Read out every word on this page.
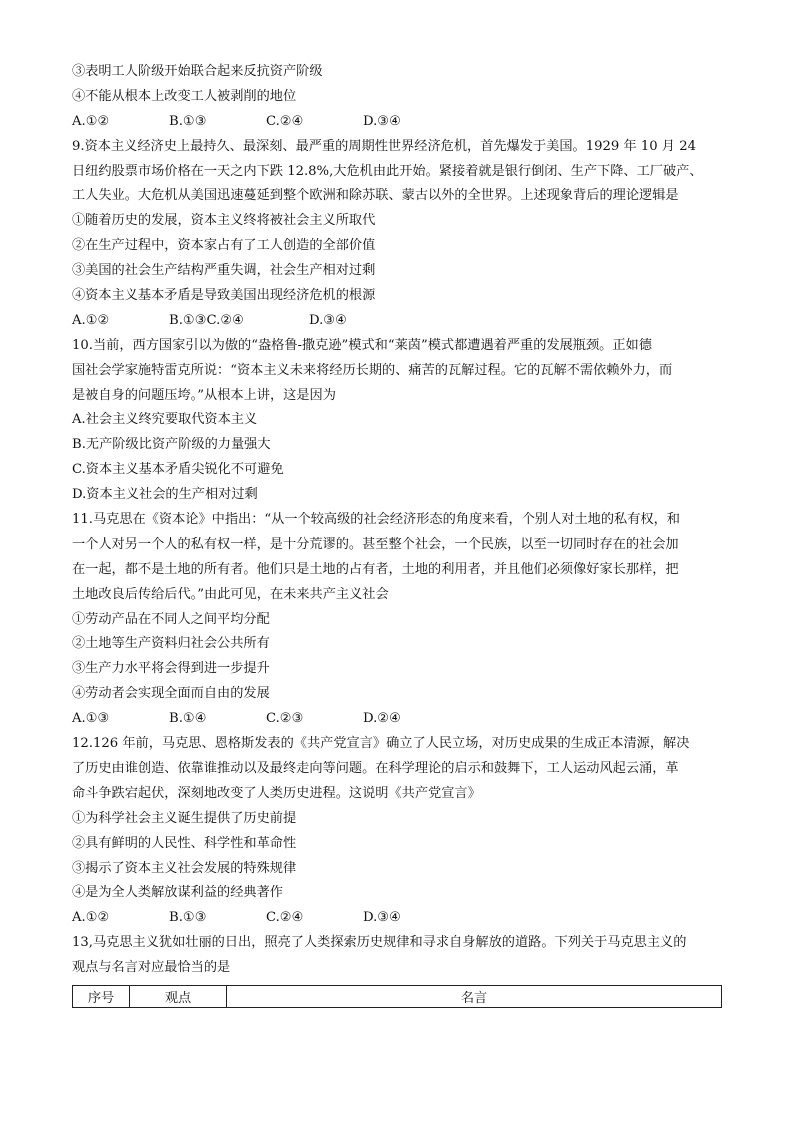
③表明工人阶级开始联合起来反抗资产阶级
④不能从根本上改变工人被剥削的地位
A.①②	B.①③	C.②④	D.③④
9.资本主义经济史上最持久、最深刻、最严重的周期性世界经济危机，首先爆发于美国。1929 年 10 月 24
日纽约股票市场价格在一天之内下跌 12.8%,大危机由此开始。紧接着就是银行倒闭、生产下降、工厂破产、
工人失业。大危机从美国迅速蔓延到整个欧洲和除苏联、蒙古以外的全世界。上述现象背后的理论逻辑是
①随着历史的发展，资本主义终将被社会主义所取代
②在生产过程中，资本家占有了工人创造的全部价值
③美国的社会生产结构严重失调，社会生产相对过剩
④资本主义基本矛盾是导致美国出现经济危机的根源
A.①②	B.①③C.②④	D.③④
10.当前，西方国家引以为傲的“盎格鲁-撒克逊”模式和“莱茵”模式都遭遇着严重的发展瓶颈。正如德
国社会学家施特雷克所说：“资本主义未来将经历长期的、痛苦的瓦解过程。它的瓦解不需依赖外力，而
是被自身的问题压垮。”从根本上讲，这是因为
A.社会主义终究要取代资本主义
B.无产阶级比资产阶级的力量强大
C.资本主义基本矛盾尖锐化不可避免
D.资本主义社会的生产相对过剩
11.马克思在《资本论》中指出：“从一个较高级的社会经济形态的角度来看，个别人对土地的私有权，和
一个人对另一个人的私有权一样，是十分荒谬的。甚至整个社会，一个民族，以至一切同时存在的社会加
在一起，都不是土地的所有者。他们只是土地的占有者，土地的利用者，并且他们必须像好家长那样，把
土地改良后传给后代。”由此可见，在未来共产主义社会
①劳动产品在不同人之间平均分配
②土地等生产资料归社会公共所有
③生产力水平将会得到进一步提升
④劳动者会实现全面而自由的发展
A.①③	B.①④	C.②③	D.②④
12.126 年前，马克思、恩格斯发表的《共产党宣言》确立了人民立场，对历史成果的生成正本清源，解决
了历史由谁创造、依靠谁推动以及最终走向等问题。在科学理论的启示和鼓舞下，工人运动风起云涌，革
命斗争跌宕起伏，深刻地改变了人类历史进程。这说明《共产党宣言》
①为科学社会主义诞生提供了历史前提
②具有鲜明的人民性、科学性和革命性
③揭示了资本主义社会发展的特殊规律
④是为全人类解放谋利益的经典著作
A.①②	B.①③	C.②④	D.③④
13,马克思主义犹如壮丽的日出，照亮了人类探索历史规律和寻求自身解放的道路。下列关于马克思主义的
观点与名言对应最恰当的是
序号	观点	名言
